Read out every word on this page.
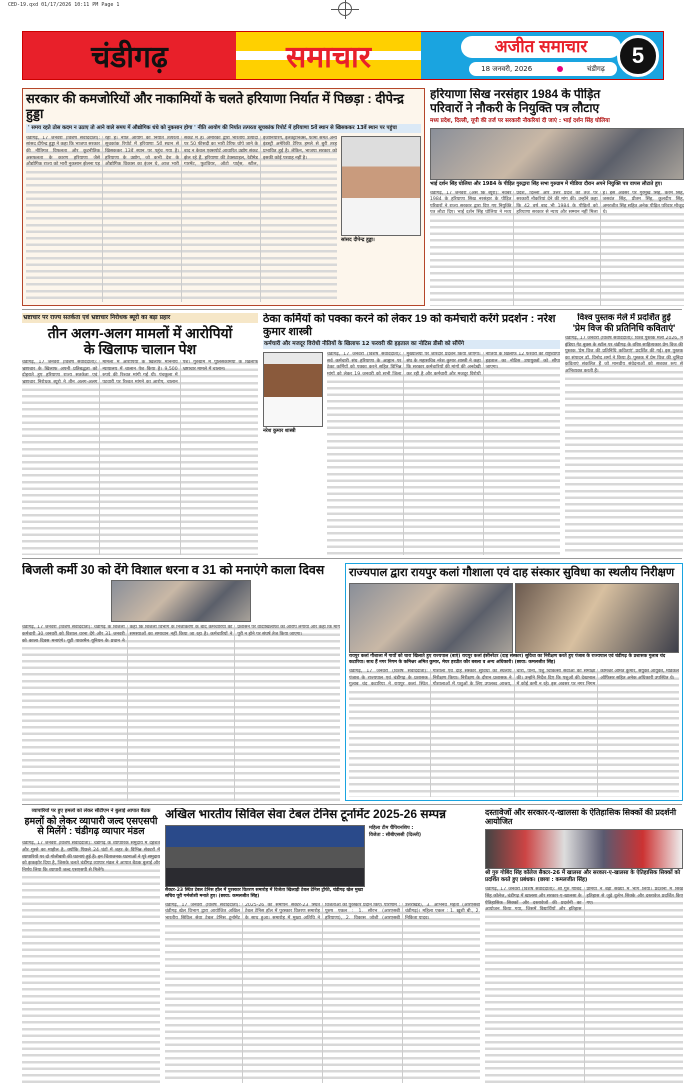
CED-19.qxd 01/17/2026 10:11 PM Page 1
चंडीगढ़	समाचार	अजीत समाचार
18 जनवरी, 2026	चंडीगढ़
5
सरकार की कमजोरियों और नाकामियों के चलते हरियाणा निर्यात में पिछड़ा : दीपेन्द्र हुड्डा
' समय रहते ठोस कदम न उठाए तो आने वाले समय में औद्योगिक धंधे को नुकसान होगा ' नीति आयोग की निर्यात तत्परता सूचकांक रिपोर्ट में हरियाणा 5वें स्थान से खिसककर 13वें स्थान पर पहुंचा
चंडीगढ़, 17 जनवरी (विशेष संवाददाता): सांसद दीपेन्द्र हुड्डा ने कहा कि भाजपा सरकार की नीतिगत विफलता और कूटनीतिक असफलता के कारण हरियाणा जैसे औद्योगिक राज्य को भारी नुकसान झेलना पड़ रहा है। नीति आयोग की निर्यात तत्परता सूचकांक रिपोर्ट में हरियाणा 5वें स्थान से खिसककर 13वें स्थान पर पहुंच गया है। हरियाणा के उद्योग, जो कभी देश के औद्योगिक विकास का इंजन थे, आज भारी संकट में हैं। अमेरिका द्वारा भारतीय उत्पादों पर 50 फीसदी का भारी टैरिफ थोपे जाने के बाद न केवल एक्सपोर्ट आधारित उद्योग संकट झेल रहे हैं, हरियाणा की टेक्सटाइल, रेडीमेड गारमेंट, फुटवियर, ऑटो पार्ट्स, स्टील, इंजीनियरिंग, इलेक्ट्रॉनिक्स, फार्मा समेत अन्य इंडस्ट्री अमेरिकी टैरिफ हमले से बुरी तरह प्रभावित हुई है। लेकिन, भाजपा सरकार को इसकी कोई परवाह नहीं है।
सांसद दीपेन्द्र हुड्डा।
हरियाणा सिख नरसंहार 1984 के पीड़ित
परिवारों ने नौकरी के नियुक्ति पत्र लौटाए
मध्य प्रदेश, दिल्ली, यूपी की तर्ज पर सरकारी नौकरियां दी जाएं : भाई दर्शन सिंह घोलिया
भाई दर्शन सिंह घोलिया और 1984 के पीड़ित गुरुद्वारा सिंह सभा गुरुग्राम में मीडिया दौरान अपने नियुक्ति पत्र वापस लौटाते हुए।
चंडीगढ़, 17 जनवरी (अस कि ब्यूरो): नवंबर 1984 के हरियाणा सिख नरसंहार के पीड़ित परिवारों ने राज्य सरकार द्वारा दिए गए नियुक्ति पत्र लौटा दिए। भाई दर्शन सिंह घोलिया ने मध्य प्रदेश, दिल्ली और उत्तर प्रदेश की तर्ज पर सरकारी नौकरियां देने की मांग की। उन्होंने कहा कि 42 वर्ष बाद भी 1984 के पीड़ितों को हरियाणा सरकार से न्याय और सम्मान नहीं मिला है। इस अवसर पर गुरमुख सिंह, करम सिंह, जसवंत सिंह, प्रीतम सिंह, कुलदीप सिंह, अमरजीत सिंह सहित अनेक पीड़ित परिवार मौजूद थे।
भ्रष्टाचार पर राज्य सतर्कता एवं भ्रष्टाचार निरोधक ब्यूरो का बड़ा प्रहार
तीन अलग-अलग मामलों में आरोपियों
के खिलाफ चालान पेश
चंडीगढ़, 17 जनवरी (विशेष संवाददाता): भ्रष्टाचार के खिलाफ अपनी प्रतिबद्धता को दोहराते हुए हरियाणा राज्य सतर्कता एवं भ्रष्टाचार निरोधक ब्यूरो ने तीन अलग-अलग मामलों में आरोपियों के खिलाफ माननीय न्यायालय में चालान पेश किया है। 9,500 रुपये की रिश्वत मांगी गई थी। पंचकूला में पटवारी पर रिश्वत मांगने का आरोप, चालान पेश। गुरुग्राम में पुलिसकर्मियों के खिलाफ भ्रष्टाचार मामले में चालान।
ठेका कर्मियों को पक्का करने को लेकर 19 को कर्मचारी करेंगे प्रदर्शन : नरेश कुमार शास्त्री
कर्मचारी और मजदूर विरोधी नीतियों के खिलाफ 12 फरवरी की हड़ताल का नोटिस डीसी को सौंपेंगे
नरेश कुमार शास्त्री
चंडीगढ़, 17 जनवरी (विशेष संवाददाता): सर्व कर्मचारी संघ हरियाणा के आह्वान पर ठेका कर्मियों को पक्का करने सहित विभिन्न मांगों को लेकर 19 जनवरी को सभी जिला मुख्यालयों पर जोरदार प्रदर्शन किया जाएगा। संघ के महासचिव नरेश कुमार शास्त्री ने कहा कि सरकार कर्मचारियों की मांगों की अनदेखी कर रही है और कर्मचारी और मजदूर विरोधी नीतियों के खिलाफ 12 फरवरी की राष्ट्रव्यापी हड़ताल का नोटिस उपायुक्तों को सौंपा जाएगा।
विश्व पुस्तक मेले में प्रदर्शित हुई
'प्रेम विज की प्रतिनिधि कविताएं'
चंडीगढ़, 17 जनवरी (विशेष संवाददाता): विश्व पुस्तक मेला 2026, में इंडिया गेट बुक्स के स्टॉल पर चंडीगढ़ के वरिष्ठ साहित्यकार प्रेम विज की पुस्तक 'प्रेम विज की प्रतिनिधि कविताएं' प्रदर्शित की गई। इस पुस्तक का संपादन डॉ. विनोद शर्मा ने किया है। पुस्तक में प्रेम विज की चुनिंदा कविताएं संकलित हैं जो मानवीय संवेदनाओं को सशक्त रूप से अभिव्यक्त करती हैं।
बिजली कर्मी 30 को देंगे विशाल धरना व 31 को मनाएंगे काला दिवस
चंडीगढ़, 17 जनवरी (विशेष संवाददाता): चंडीगढ़ के बिजली कर्मचारी 30 जनवरी को विशाल धरना देंगे और 31 जनवरी को काला दिवस मनाएंगे। यूटी पावरमैन यूनियन के प्रधान ने कहा कि बिजली विभाग के निजीकरण के बाद कर्मचारियों की समस्याओं का समाधान नहीं किया जा रहा है। कर्मचारियों ने प्रशासन पर वादाखिलाफी का आरोप लगाया और कहा कि मांगें पूरी न होने पर संघर्ष तेज किया जाएगा।
राज्यपाल द्वारा रायपुर कलां गौशाला एवं दाह संस्कार सुविधा का स्थलीय निरीक्षण
रायपुर कलां गौशाला में गायों को चारा खिलाते हुए राज्यपाल (बाएं) रायपुर कलां इंसीनरेटर (दाह संस्कार) सुविधा का निरीक्षण करते हुए पंजाब के राज्यपाल एवं चंडीगढ़ के प्रशासक गुलाब चंद कटारिया। साथ हैं नगर निगम के कमिश्नर अमित कुमार, मेयर हरप्रीत कौर बबला व अन्य अधिकारी। (छाया: कमलजीत सिंह)
चंडीगढ़, 17 जनवरी (विशेष संवाददाता): पंजाब के राज्यपाल एवं चंडीगढ़ के प्रशासक गुलाब चंद कटारिया ने रायपुर कलां स्थित गौशाला एवं दाह संस्कार सुविधा का स्थलीय निरीक्षण किया। निरीक्षण के दौरान प्रशासक ने गौशालाओं में पशुओं के लिए उपलब्ध आश्रय, चारा, पानी, पशु चिकित्सा सेवाओं की समीक्षा की। उन्होंने निर्देश दिए कि पशुओं की देखभाल में कोई कमी न रहे। इस अवसर पर नगर निगम कमिश्नर अमित कुमार, संयुक्त आयुक्त, मेडिकल ऑफिसर सहित अनेक अधिकारी उपस्थित थे।
व्यापारियों पर हुए हमलों को लेकर सीटीएम ने बुलाई आपात बैठक
हमलों को लेकर व्यापारी जल्द एसएसपी
से मिलेंगे : चंडीगढ़ व्यापार मंडल
चंडीगढ़, 17 जनवरी (विशेष संवाददाता): चंडीगढ़ के व्यापारिक समुदाय में दहशत और गुस्से का माहौल है, क्योंकि पिछले 24 घंटों में शहर के विभिन्न सेक्टरों में व्यापारियों पर दो गोलीबारी की घटनाएं हुई हैं। इन चिंताजनक घटनाओं ने पूरे समुदाय को झकझोर दिया है, जिसके चलते चंडीगढ़ व्यापार मंडल ने आपात बैठक बुलाई और निर्णय लिया कि व्यापारी जल्द एसएसपी से मिलेंगे।
अखिल भारतीय सिविल सेवा टेबल टेनिस टूर्नामेंट 2025-26 सम्पन्न
सैक्टर-23 स्थित टेबल टेनिस हॉल में पुरस्कार वितरण समारोह में विजेता खिलाड़ी टेबल टेनिस ट्रॉफी, चंडीगढ़ खेल मुख्य सचिव पूरी गर्मजोशी मनाते हुए। (छाया: कमलजीत सिंह)
महिला टीम चैंपियनशिप :
विजेता : सीबीएससी (दिल्ली)
चंडीगढ़, 17 जनवरी (विशेष संवाददाता): चंडीगढ़ खेल विभाग द्वारा आयोजित अखिल भारतीय सिविल सेवा टेबल टेनिस टूर्नामेंट 2025-26 का समापन सैक्टर-23 स्थित टेबल टेनिस हॉल में पुरस्कार वितरण समारोह के साथ हुआ। समारोह में मुख्य अतिथि ने विजेताओं को पुरस्कार प्रदान किए। परिणाम : पुरुष एकल : 1. सौरभ (आरएसबी हरियाणा), 2. विकास जोशी (आरएसबी उत्तराखंड), 3. अभिनव मेहता (आरएसबी चंडीगढ़)। महिला एकल : 1. ख़ुशी बी., 2. निकिता यादव।
दस्तावेजों और सरकार-ए-खालसा के ऐतिहासिक सिक्कों की प्रदर्शनी आयोजित
श्री गुरु गोबिंद सिंह कॉलेज सैक्टर-26 में खालसा और सरकार-ए-खालसा के ऐतिहासिक सिक्कों को प्रदर्शित करते हुए प्रबंधक। (छाया : कमलजीत सिंह)
चंडीगढ़, 17 जनवरी (विशेष संवाददाता): श्री गुरु गोबिंद सिंह कॉलेज, चंडीगढ़ में खालसा और सरकार-ए-खालसा के ऐतिहासिक सिक्कों और दस्तावेजों की प्रदर्शनी का आयोजन किया गया, जिसमें विद्यार्थियों और इतिहास प्रेमियों ने बड़ी संख्या में भाग लिया। प्रदर्शनी में सिख इतिहास से जुड़े दुर्लभ सिक्के और दस्तावेज प्रदर्शित किए गए।
